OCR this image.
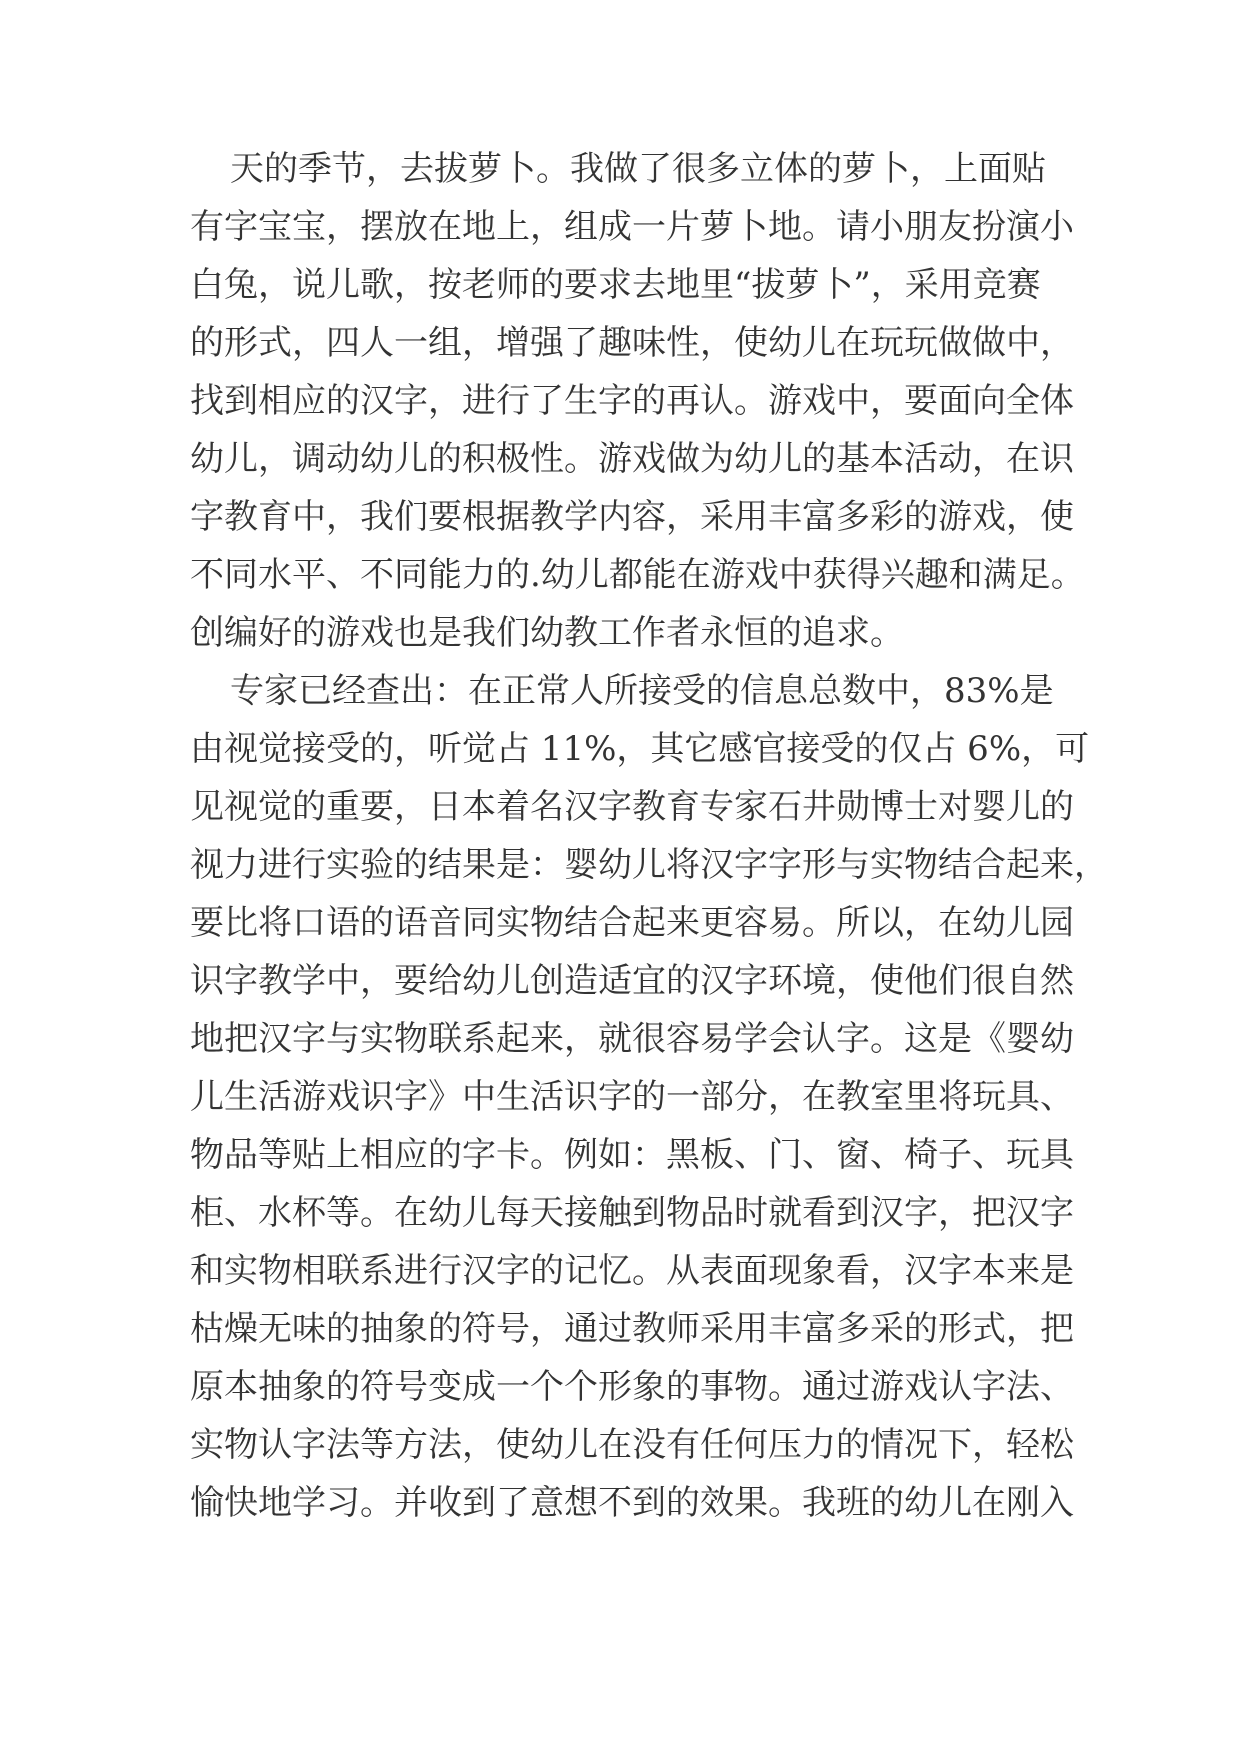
天的季节，去拔萝卜。我做了很多立体的萝卜，上面贴
有字宝宝，摆放在地上，组成一片萝卜地。请小朋友扮演小
白兔，说儿歌，按老师的要求去地里“拔萝卜”，采用竞赛
的形式，四人一组，增强了趣味性，使幼儿在玩玩做做中，
找到相应的汉字，进行了生字的再认。游戏中，要面向全体
幼儿，调动幼儿的积极性。游戏做为幼儿的基本活动，在识
字教育中，我们要根据教学内容，采用丰富多彩的游戏，使
不同水平、不同能力的.幼儿都能在游戏中获得兴趣和满足。
创编好的游戏也是我们幼教工作者永恒的追求。
专家已经查出：在正常人所接受的信息总数中，83%是
由视觉接受的，听觉占 11%，其它感官接受的仅占 6%，可
见视觉的重要，日本着名汉字教育专家石井勋博士对婴儿的
视力进行实验的结果是：婴幼儿将汉字字形与实物结合起来，
要比将口语的语音同实物结合起来更容易。所以，在幼儿园
识字教学中，要给幼儿创造适宜的汉字环境，使他们很自然
地把汉字与实物联系起来，就很容易学会认字。这是《婴幼
儿生活游戏识字》中生活识字的一部分，在教室里将玩具、
物品等贴上相应的字卡。例如：黑板、门、窗、椅子、玩具
柜、水杯等。在幼儿每天接触到物品时就看到汉字，把汉字
和实物相联系进行汉字的记忆。从表面现象看，汉字本来是
枯燥无味的抽象的符号，通过教师采用丰富多采的形式，把
原本抽象的符号变成一个个形象的事物。通过游戏认字法、
实物认字法等方法，使幼儿在没有任何压力的情况下，轻松
愉快地学习。并收到了意想不到的效果。我班的幼儿在刚入
